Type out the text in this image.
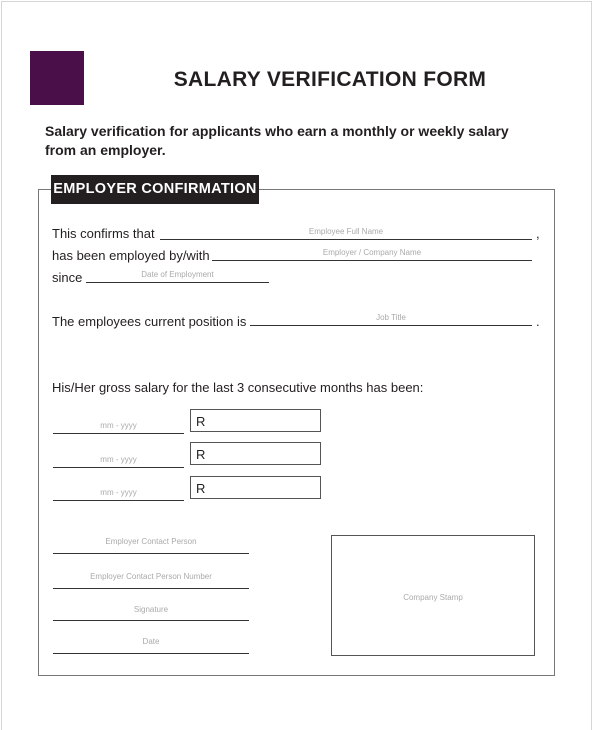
SALARY VERIFICATION FORM
Salary verification for applicants who earn a monthly or weekly salary from an employer.
EMPLOYER CONFIRMATION
This confirms that	Employee Full Name	,
has been employed by/with	Employer / Company Name
since	Date of Employment
The employees current position is	Job Title	.
His/Her gross salary for the last 3 consecutive months has been:
mm - yyyy	R
mm - yyyy	R
mm - yyyy	R
Employer Contact Person
Employer Contact Person Number
Signature
Date
Company Stamp
